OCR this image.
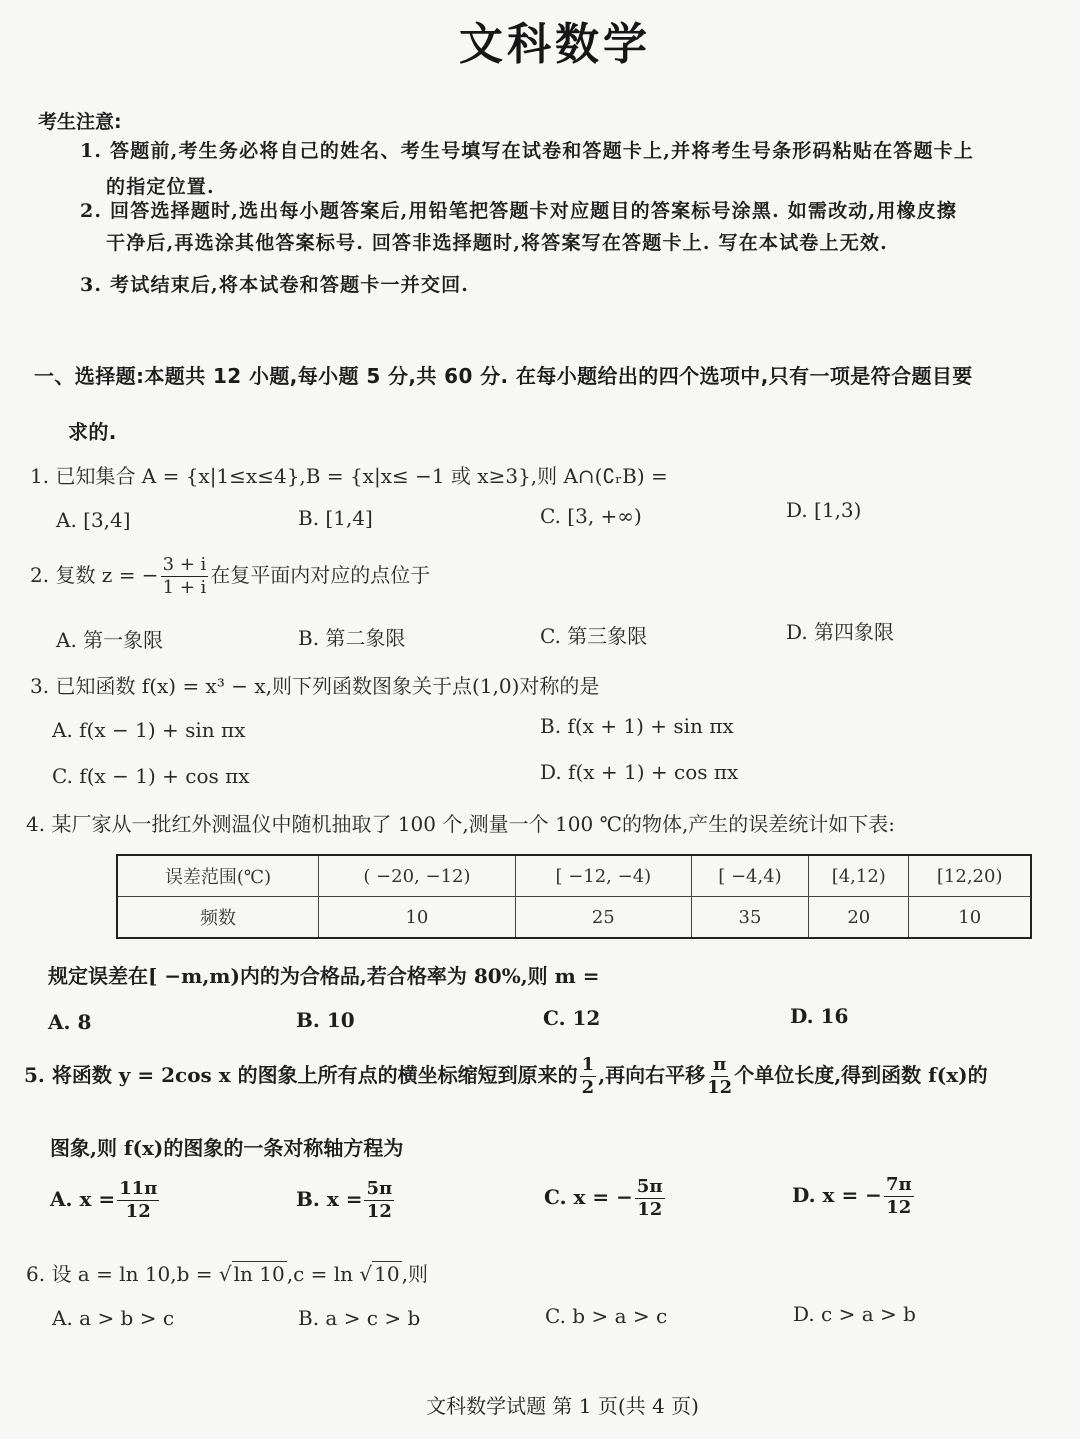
文科数学
考生注意:
1. 答题前,考生务必将自己的姓名、考生号填写在试卷和答题卡上,并将考生号条形码粘贴在答题卡上
的指定位置.
2. 回答选择题时,选出每小题答案后,用铅笔把答题卡对应题目的答案标号涂黑. 如需改动,用橡皮擦
干净后,再选涂其他答案标号. 回答非选择题时,将答案写在答题卡上. 写在本试卷上无效.
3. 考试结束后,将本试卷和答题卡一并交回.
一、选择题:本题共 12 小题,每小题 5 分,共 60 分. 在每小题给出的四个选项中,只有一项是符合题目要
求的.
1. 已知集合 A = {x|1≤x≤4},B = {x|x≤ −1 或 x≥3},则 A∩(∁ᵣB) =
A. [3,4]	B. [1,4]	C. [3, +∞)	D. [1,3)
2. 复数 z = − $\frac{3 + i}{1 + i}$ 在复平面内对应的点位于
A. 第一象限	B. 第二象限	C. 第三象限	D. 第四象限
3. 已知函数 f(x) = x³ − x,则下列函数图象关于点(1,0)对称的是
A. f(x − 1) + sin πx	B. f(x + 1) + sin πx
C. f(x − 1) + cos πx	D. f(x + 1) + cos πx
4. 某厂家从一批红外测温仪中随机抽取了 100 个,测量一个 100 ℃的物体,产生的误差统计如下表:
误差范围(℃)	( −20, −12)	[ −12, −4)	[ −4,4)	[4,12)	[12,20)
频数	10	25	35	20	10
规定误差在[ −m,m)内的为合格品,若合格率为 80%,则 m =
A. 8	B. 10	C. 12	D. 16
5. 将函数 y = 2cos x 的图象上所有点的横坐标缩短到原来的 $\frac{1}{2}$ ,再向右平移 $\frac{\pi}{12}$ 个单位长度,得到函数 f(x)的
图象,则 f(x)的图象的一条对称轴方程为
A. $x = \frac{11\pi}{12}$	B. $x = \frac{5\pi}{12}$	C. x = − $\frac{5\pi}{12}$	D. x = − $\frac{7\pi}{12}$
6. 设 a = ln 10,b = √ ln 10 ,c = ln √ 10 ,则
A. a > b > c	B. a > c > b	C. b > a > c	D. c > a > b
文科数学试题 第 1 页(共 4 页)
